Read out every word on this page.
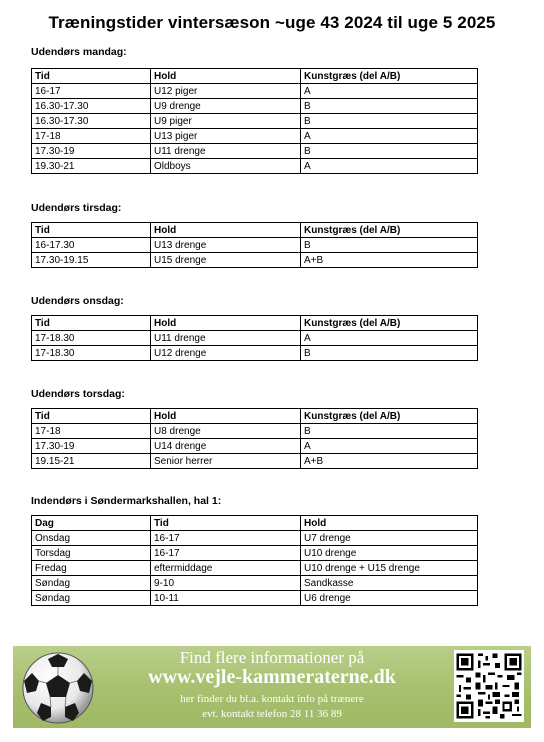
Træningstider vintersæson ~uge 43 2024 til uge 5 2025
Udendørs mandag:
Tid	Hold	Kunstgræs (del A/B)
16-17	U12 piger	A
16.30-17.30	U9 drenge	B
16.30-17.30	U9 piger	B
17-18	U13 piger	A
17.30-19	U11 drenge	B
19.30-21	Oldboys	A
Udendørs tirsdag:
Tid	Hold	Kunstgræs (del A/B)
16-17.30	U13 drenge	B
17.30-19.15	U15 drenge	A+B
Udendørs onsdag:
Tid	Hold	Kunstgræs (del A/B)
17-18.30	U11 drenge	A
17-18.30	U12 drenge	B
Udendørs torsdag:
Tid	Hold	Kunstgræs (del A/B)
17-18	U8 drenge	B
17.30-19	U14 drenge	A
19.15-21	Senior herrer	A+B
Indendørs i Søndermarkshallen, hal 1:
Dag	Tid	Hold
Onsdag	16-17	U7 drenge
Torsdag	16-17	U10 drenge
Fredag	eftermiddage	U10 drenge + U15 drenge
Søndag	9-10	Sandkasse
Søndag	10-11	U6 drenge
Find flere informationer på
www.vejle-kammeraterne.dk
her finder du bl.a. kontakt info på trænere
evt. kontakt telefon 28 11 36 89
